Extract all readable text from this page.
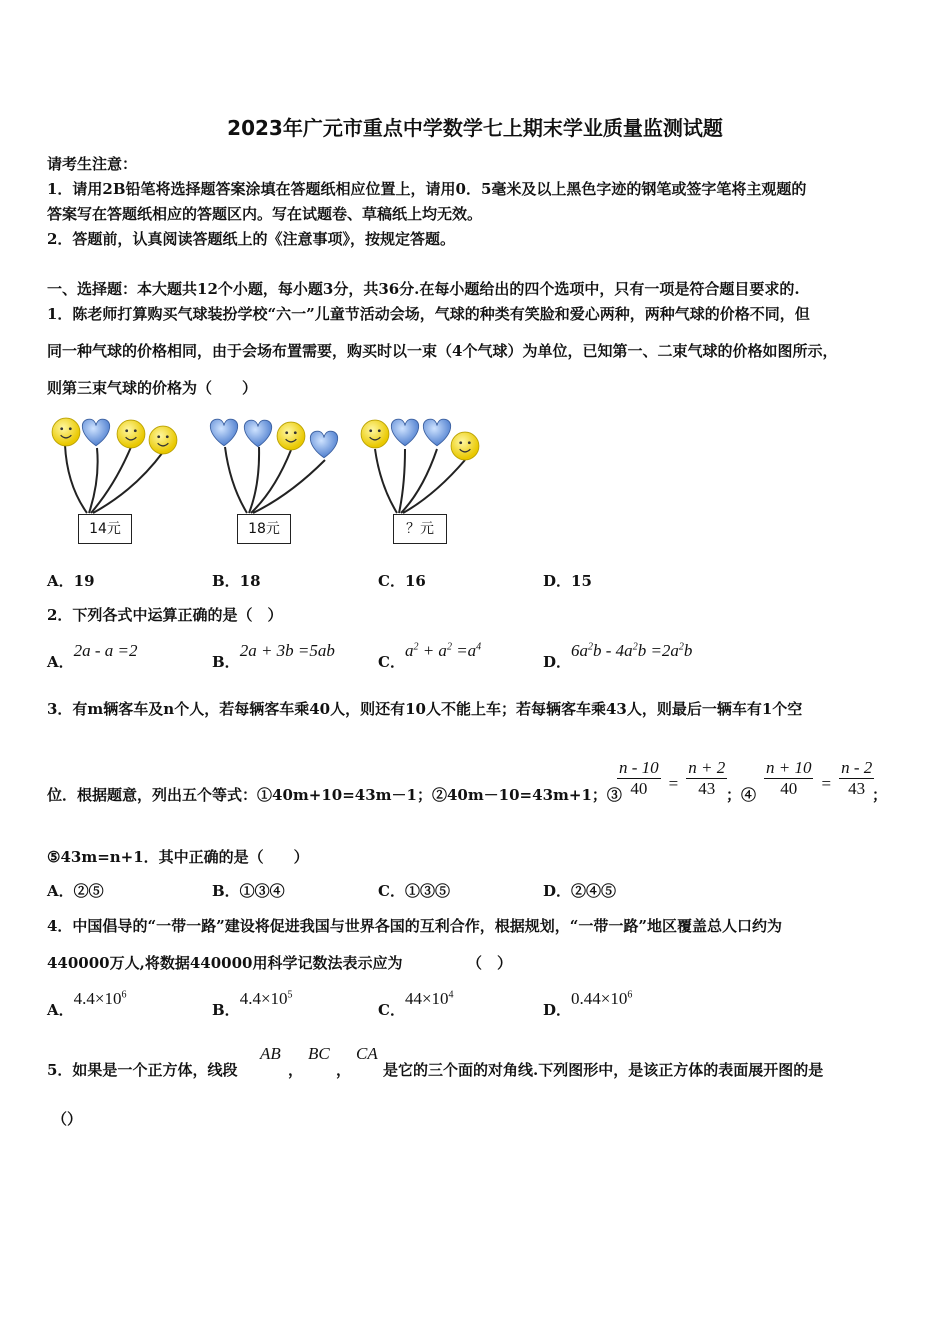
2023年广元市重点中学数学七上期末学业质量监测试题
请考生注意：
1．请用2B铅笔将选择题答案涂填在答题纸相应位置上，请用0．5毫米及以上黑色字迹的钢笔或签字笔将主观题的
答案写在答题纸相应的答题区内。写在试题卷、草稿纸上均无效。
2．答题前，认真阅读答题纸上的《注意事项》，按规定答题。
一、选择题：本大题共12个小题，每小题3分，共36分.在每小题给出的四个选项中，只有一项是符合题目要求的.
1．陈老师打算购买气球装扮学校“六一”儿童节活动会场，气球的种类有笑脸和爱心两种，两种气球的价格不同，但
同一种气球的价格相同，由于会场布置需要，购买时以一束（4个气球）为单位，已知第一、二束气球的价格如图所示，
则第三束气球的价格为（　　）
14元	18元	？元
A．19	B．18	C．16	D．15
2．下列各式中运算正确的是（　）
A．2a - a =2
B．2a + 3b =5ab
C．$a^2 + a^2 =a^4$
D．$6a^2b - 4a^2b =2a^2b$
3．有m辆客车及n个人，若每辆客车乘40人，则还有10人不能上车；若每辆客车乘43人，则最后一辆车有1个空
位．根据题意，列出五个等式：①40m+10=43m－1；②40m－10=43m+1；③
$\frac{n - 10}{40} = \frac{n + 2}{43}$
；④ $\frac{n + 10}{40} = \frac{n - 2}{43}$
；
⑤43m=n+1．其中正确的是（　　）
A．②⑤	B．①③④	C．①③⑤	D．②④⑤
4．中国倡导的“一带一路”建设将促进我国与世界各国的互利合作，根据规划，“一带一路”地区覆盖总人口约为
440000万人,将数据440000用科学记数法表示应为	（　）
A．$4.4\times 10^6$
B．$4.4\times 10^5$
C．$44\times 10^4$
D．$0.44\times 10^6$
5．如果是一个正方体，线段
AB
，
BC
，
CA
是它的三个面的对角线.下列图形中，是该正方体的表面展开图的是
（）
